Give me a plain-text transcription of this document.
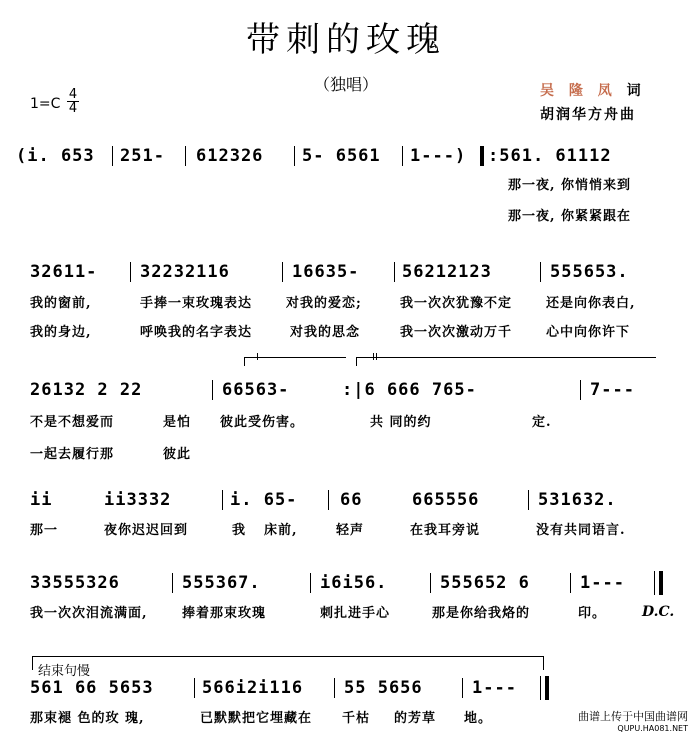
带刺的玫瑰
（独唱）
1=C
4
4
吴 隆 凤 词
胡润华方舟曲
(i. 653 251- 612326 5- 6561 1---) :561. 61112
那一夜, 你悄悄来到
那一夜, 你紧紧跟在
32611-	32232116	16635-	56212123	555653.
我的窗前,	手捧一束玫瑰表达	对我的爱恋;	我一次次犹豫不定	还是向你表白,
我的身边,	呼唤我的名字表达	对我的思念	我一次次激动万千	心中向你许下
I	II
26132 2 22	66563-	:|6 666 765-	7---
不是不想爱而	是怕 彼此受伤害。	共 同的约	定.
一起去履行那	彼此
ii	ii3332	i. 65-	66	665556	531632.
那一	夜你迟迟回到	我 床前,	轻声	在我耳旁说	没有共同语言.
33555326	555367.	i6i56.	555652 6	1---
我一次次泪流满面,	捧着那束玫瑰	刺扎进手心	那是你给我烙的	印。	D.C.
结束句慢
561 66 5653	566i2i116 55 5656	1---
那束褪 色的玫 瑰,	已默默把它埋藏在 千枯 的芳草 地。	曲谱上传于中国曲谱网
QUPU.HA081.NET
